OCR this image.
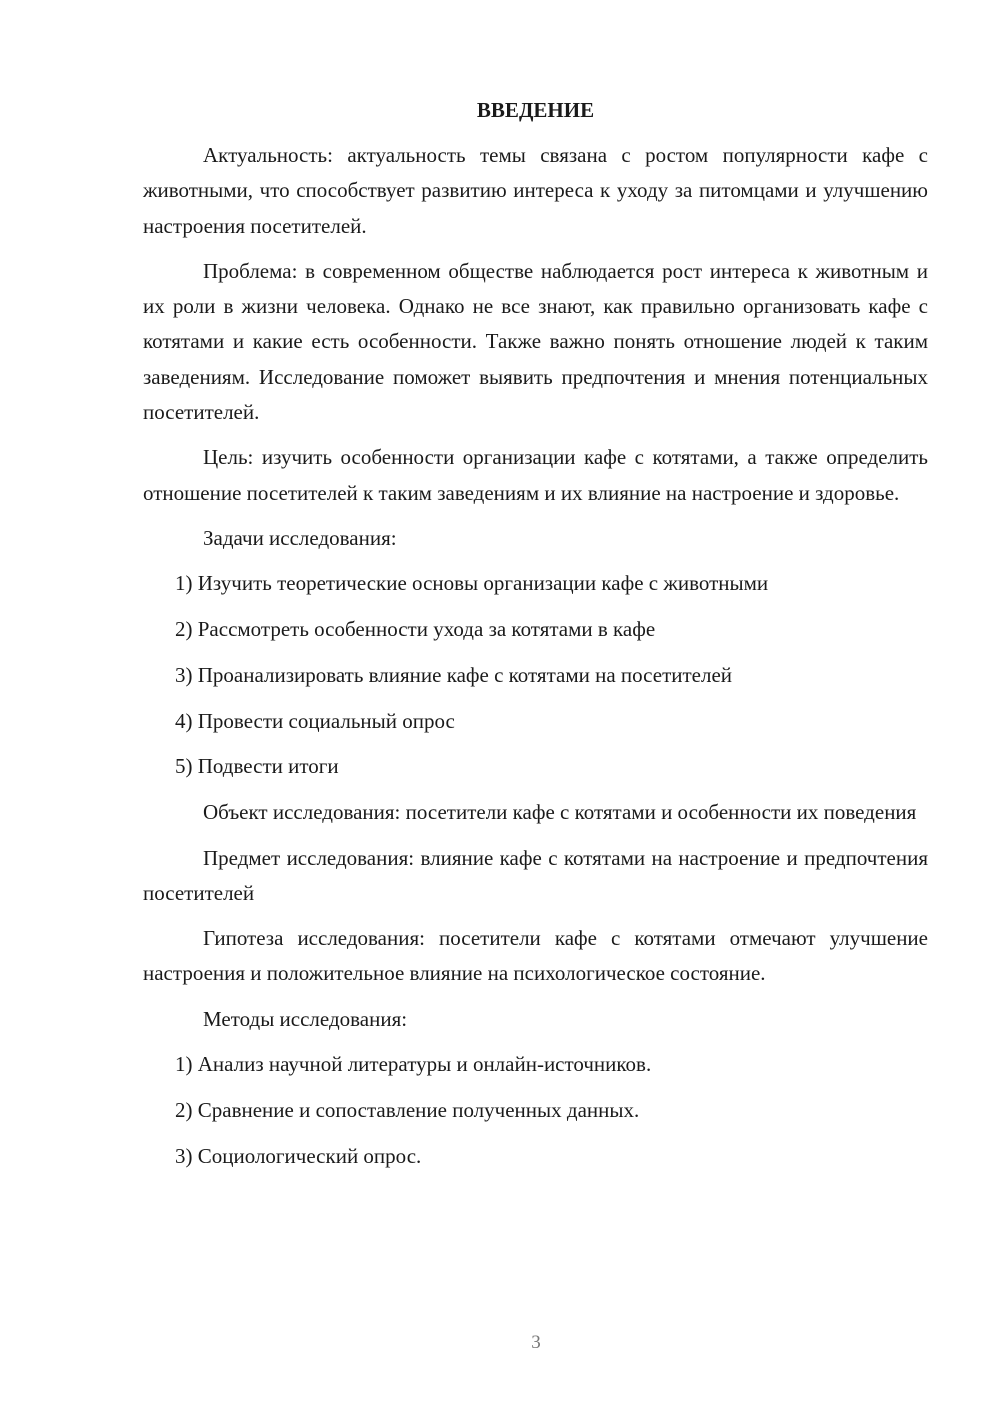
ВВЕДЕНИЕ

Актуальность: актуальность темы связана с ростом популярности кафе с животными, что способствует развитию интереса к уходу за питомцами и улучшению настроения посетителей.

Проблема: в современном обществе наблюдается рост интереса к животным и их роли в жизни человека. Однако не все знают, как правильно организовать кафе с котятами и какие есть особенности. Также важно понять отношение людей к таким заведениям. Исследование поможет выявить предпочтения и мнения потенциальных посетителей.

Цель: изучить особенности организации кафе с котятами, а также определить отношение посетителей к таким заведениям и их влияние на настроение и здоровье.

Задачи исследования:

1) Изучить теоретические основы организации кафе с животными
2) Рассмотреть особенности ухода за котятами в кафе
3) Проанализировать влияние кафе с котятами на посетителей
4) Провести социальный опрос
5) Подвести итоги

Объект исследования: посетители кафе с котятами и особенности их поведения

Предмет исследования: влияние кафе с котятами на настроение и предпочтения посетителей

Гипотеза исследования: посетители кафе с котятами отмечают улучшение настроения и положительное влияние на психологическое состояние.

Методы исследования:

1) Анализ научной литературы и онлайн-источников.
2) Сравнение и сопоставление полученных данных.
3) Социологический опрос.
3
